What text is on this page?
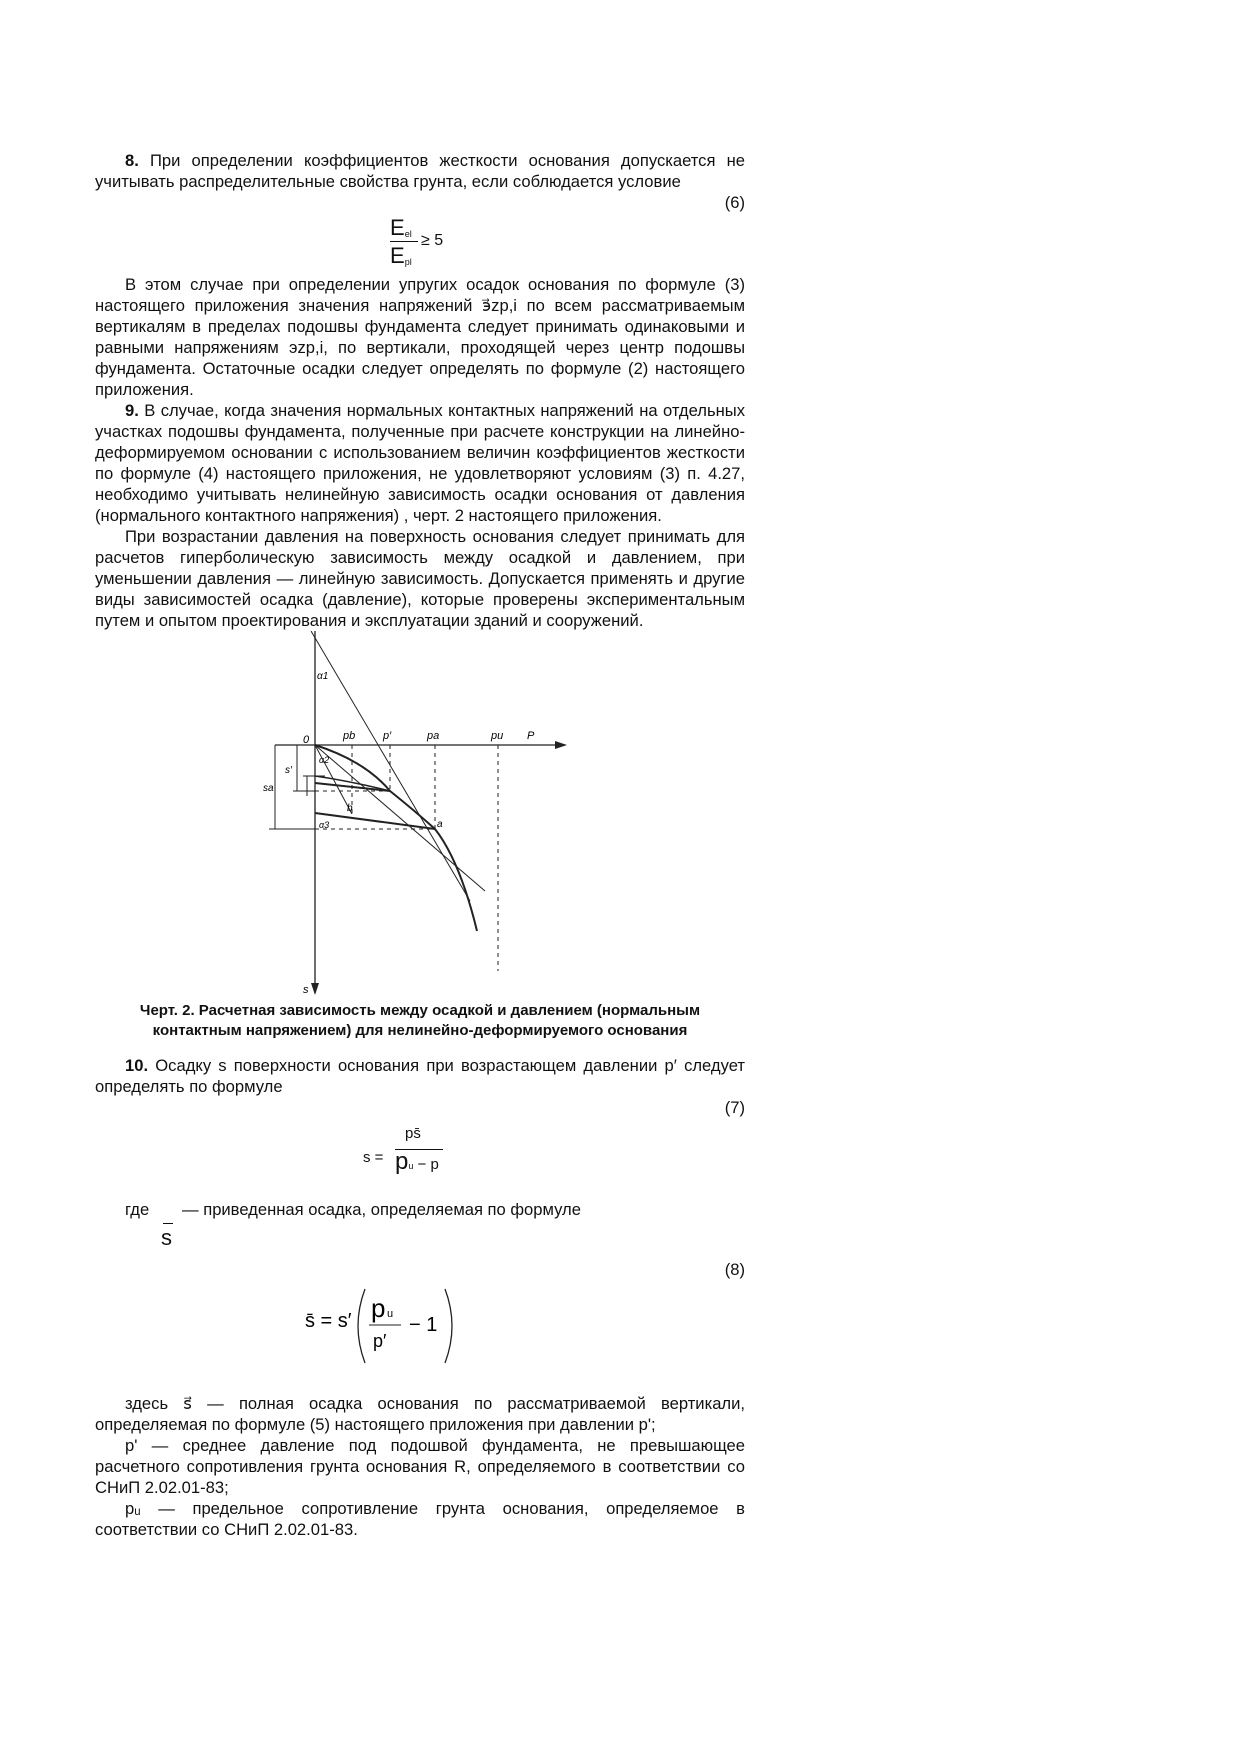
8. При определении коэффициентов жесткости основания допускается не учитывать распределительные свойства грунта, если соблюдается условие

(6)

$E_{el}$
$E_{pl}$
≥ 5

В этом случае при определении упругих осадок основания по формуле (3) настоящего приложения значения напряжений э⃗zp,i по всем рассматриваемым вертикалям в пределах подошвы фундамента следует принимать одинаковыми и равными напряжениям эzp,i, по вертикали, проходящей через центр подошвы фундамента. Остаточные осадки следует определять по формуле (2) настоящего приложения.

9. В случае, когда значения нормальных контактных напряжений на отдельных участках подошвы фундамента, полученные при расчете конструкции на линейно-деформируемом основании с использованием величин коэффициентов жесткости по формуле (4) настоящего приложения, не удовлетворяют условиям (3) п. 4.27, необходимо учитывать нелинейную зависимость осадки основания от давления (нормального контактного напряжения) , черт. 2 настоящего приложения.

При возрастании давления на поверхность основания следует принимать для расчетов гиперболическую зависимость между осадкой и давлением, при уменьшении давления — линейную зависимость. Допускается применять и другие виды зависимостей осадка (давление), которые проверены экспериментальным путем и опытом проектирования и эксплуатации зданий и сооружений.

0	pb	p′	pa	pu P
s
s′
sa
α1
α2
α3
b
a

Черт. 2. Расчетная зависимость между осадкой и давлением (нормальным
контактным напряжением) для нелинейно-деформируемого основания

10. Осадку s поверхности основания при возрастающем давлении p′ следует определять по формуле

(7)

s =
ps̄
pu − p
где — приведенная осадка, определяемая по формуле
s

(8)

s̄ = s′ p u
p′
− 1

здесь s⃗ — полная осадка основания по рассматриваемой вертикали, определяемая по формуле (5) настоящего приложения при давлении p';

p' — среднее давление под подошвой фундамента, не превышающее расчетного сопротивления грунта основания R, определяемого в соответствии со СНиП 2.02.01-83;

pᵤ — предельное сопротивление грунта основания, определяемое в соответствии со СНиП 2.02.01-83.
